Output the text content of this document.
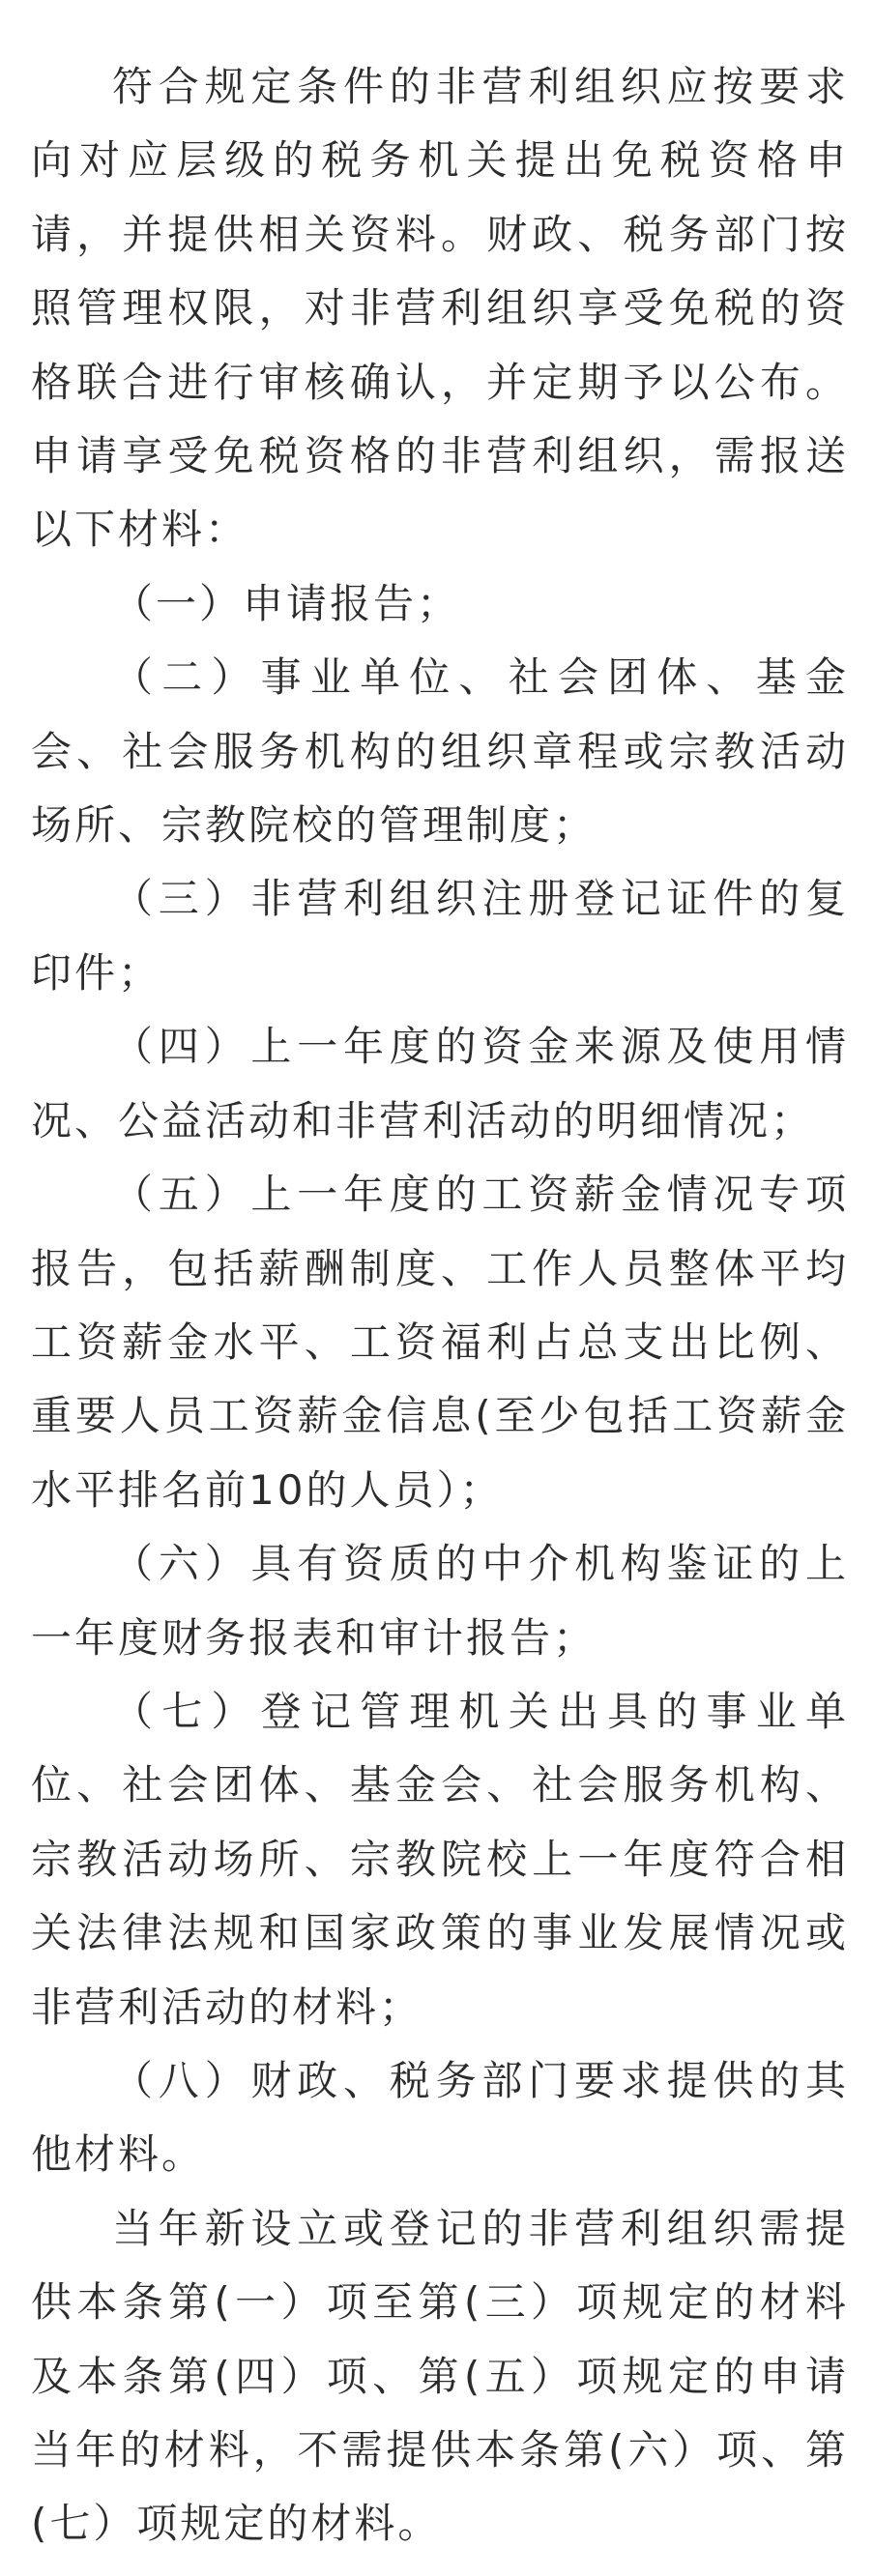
符合规定条件的非营利组织应按要求向对应层级的税务机关提出免税资格申请，并提供相关资料。财政、税务部门按照管理权限，对非营利组织享受免税的资格联合进行审核确认，并定期予以公布。申请享受免税资格的非营利组织，需报送以下材料：

（一）申请报告；

（二）事业单位、社会团体、基金会、社会服务机构的组织章程或宗教活动场所、宗教院校的管理制度；

（三）非营利组织注册登记证件的复印件；

（四）上一年度的资金来源及使用情况、公益活动和非营利活动的明细情况；

（五）上一年度的工资薪金情况专项报告，包括薪酬制度、工作人员整体平均工资薪金水平、工资福利占总支出比例、重要人员工资薪金信息(至少包括工资薪金水平排名前10的人员）；

（六）具有资质的中介机构鉴证的上一年度财务报表和审计报告；

（七）登记管理机关出具的事业单位、社会团体、基金会、社会服务机构、宗教活动场所、宗教院校上一年度符合相关法律法规和国家政策的事业发展情况或非营利活动的材料；

（八）财政、税务部门要求提供的其他材料。

当年新设立或登记的非营利组织需提供本条第(一）项至第(三）项规定的材料及本条第(四）项、第(五）项规定的申请当年的材料，不需提供本条第(六）项、第(七）项规定的材料。
